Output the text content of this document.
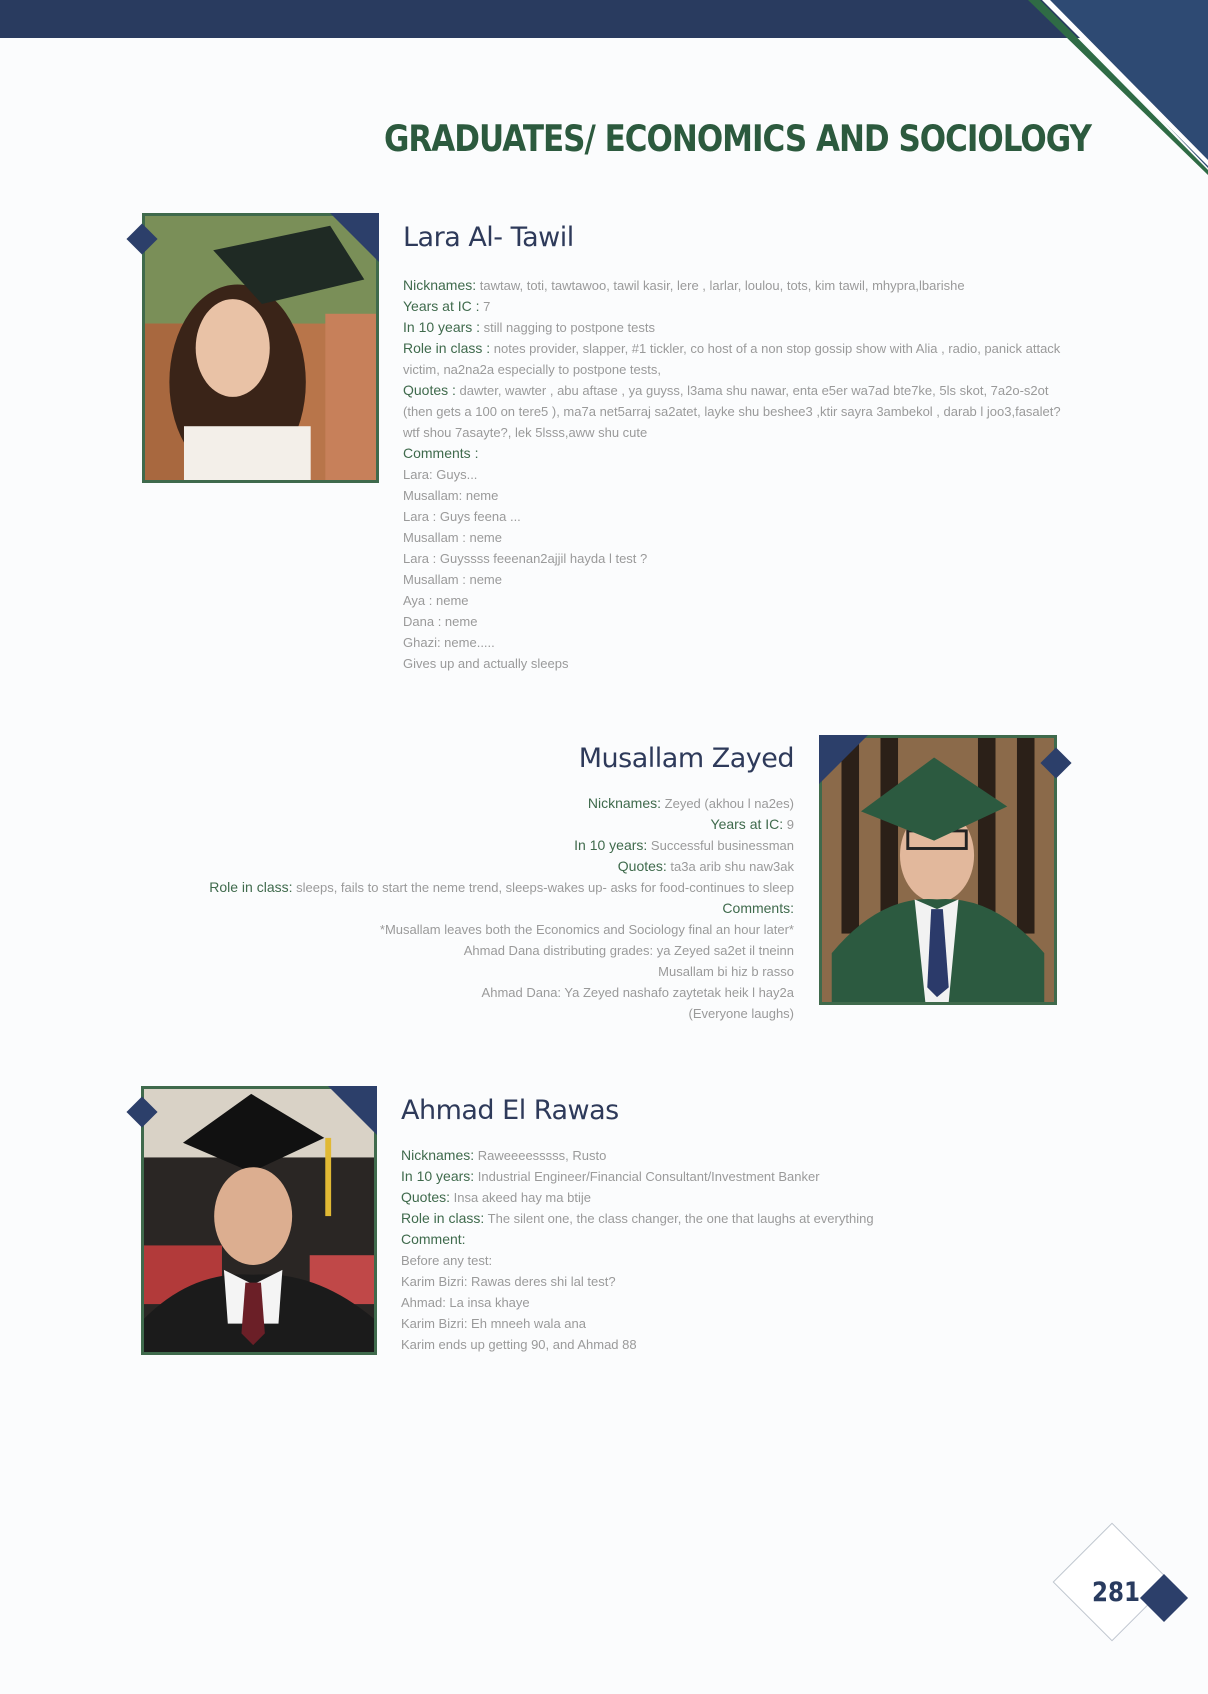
GRADUATES/ ECONOMICS AND SOCIOLOGY
Lara Al- Tawil
Nicknames: tawtaw, toti, tawtawoo, tawil kasir, lere , larlar, loulou, tots, kim tawil, mhypra,lbarishe
Years at IC : 7
In 10 years : still nagging to postpone tests
Role in class : notes provider, slapper, #1 tickler, co host of a non stop gossip show with Alia , radio, panick attack victim, na2na2a especially to postpone tests,
Quotes : dawter, wawter , abu aftase , ya guyss, l3ama shu nawar, enta e5er wa7ad bte7ke, 5ls skot, 7a2o-s2ot (then gets a 100 on tere5 ), ma7a net5arraj sa2atet, layke shu beshee3 ,ktir sayra 3ambekol , darab l joo3,fasalet? wtf shou 7asayte?, lek 5lsss,aww shu cute
Comments :
Lara: Guys...
Musallam: neme
Lara : Guys feena ...
Musallam : neme
Lara : Guyssss feeenan2ajjil hayda l test ?
Musallam : neme
Aya : neme
Dana : neme
Ghazi: neme.....
Gives up and actually sleeps
Musallam Zayed
Nicknames: Zeyed (akhou l na2es)
Years at IC: 9
In 10 years: Successful businessman
Quotes: ta3a arib shu naw3ak
Role in class: sleeps, fails to start the neme trend, sleeps-wakes up- asks for food-continues to sleep
Comments:
*Musallam leaves both the Economics and Sociology final an hour later*
Ahmad Dana distributing grades: ya Zeyed sa2et il tneinn
Musallam bi hiz b rasso
Ahmad Dana: Ya Zeyed nashafo zaytetak heik l hay2a
(Everyone laughs)
Ahmad El Rawas
Nicknames: Raweeeesssss, Rusto
In 10 years: Industrial Engineer/Financial Consultant/Investment Banker
Quotes: Insa akeed hay ma btije
Role in class: The silent one, the class changer, the one that laughs at everything
Comment:
Before any test:
Karim Bizri: Rawas deres shi lal test?
Ahmad: La insa khaye
Karim Bizri: Eh mneeh wala ana
Karim ends up getting 90, and Ahmad 88
281
